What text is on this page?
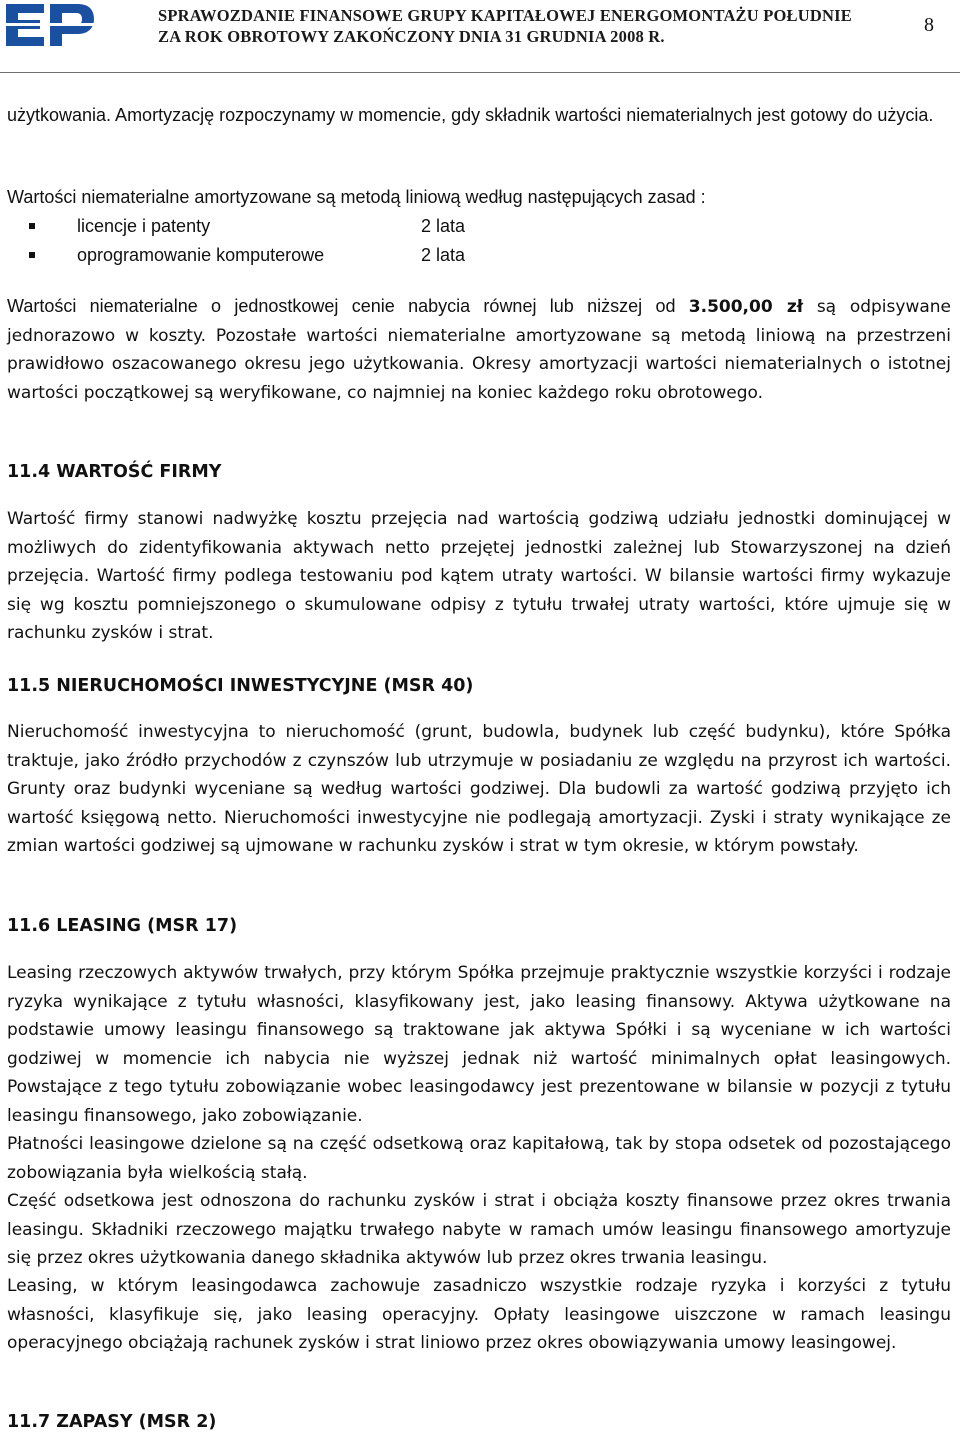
SPRAWOZDANIE FINANSOWE GRUPY KAPITAŁOWEJ ENERGOMONTAŻU POŁUDNIE
ZA ROK OBROTOWY ZAKOŃCZONY DNIA 31 GRUDNIA 2008 R.
8

użytkowania. Amortyzację rozpoczynamy w momencie, gdy składnik wartości niematerialnych jest gotowy do użycia.

Wartości niematerialne amortyzowane są metodą liniową według następujących zasad :

licencje i patenty	2 lata
oprogramowanie komputerowe	2 lata

Wartości niematerialne o jednostkowej cenie nabycia równej lub niższej od 3.500,00 zł są odpisywane jednorazowo w koszty. Pozostałe wartości niematerialne amortyzowane są metodą liniową na przestrzeni prawidłowo oszacowanego okresu jego użytkowania. Okresy amortyzacji wartości niematerialnych o istotnej wartości początkowej są weryfikowane, co najmniej na koniec każdego roku obrotowego.

11.4 WARTOŚĆ FIRMY

Wartość firmy stanowi nadwyżkę kosztu przejęcia nad wartością godziwą udziału jednostki dominującej w możliwych do zidentyfikowania aktywach netto przejętej jednostki zależnej lub Stowarzyszonej na dzień przejęcia. Wartość firmy podlega testowaniu pod kątem utraty wartości. W bilansie wartości firmy wykazuje się wg kosztu pomniejszonego o skumulowane odpisy z tytułu trwałej utraty wartości, które ujmuje się w rachunku zysków i strat.

11.5 NIERUCHOMOŚCI INWESTYCYJNE (MSR 40)

Nieruchomość inwestycyjna to nieruchomość (grunt, budowla, budynek lub część budynku), które Spółka traktuje, jako źródło przychodów z czynszów lub utrzymuje w posiadaniu ze względu na przyrost ich wartości. Grunty oraz budynki wyceniane są według wartości godziwej. Dla budowli za wartość godziwą przyjęto ich wartość księgową netto. Nieruchomości inwestycyjne nie podlegają amortyzacji. Zyski i straty wynikające ze zmian wartości godziwej są ujmowane w rachunku zysków i strat w tym okresie, w którym powstały.

11.6 LEASING (MSR 17)

Leasing rzeczowych aktywów trwałych, przy którym Spółka przejmuje praktycznie wszystkie korzyści i rodzaje ryzyka wynikające z tytułu własności, klasyfikowany jest, jako leasing finansowy. Aktywa użytkowane na podstawie umowy leasingu finansowego są traktowane jak aktywa Spółki i są wyceniane w ich wartości godziwej w momencie ich nabycia nie wyższej jednak niż wartość minimalnych opłat leasingowych. Powstające z tego tytułu zobowiązanie wobec leasingodawcy jest prezentowane w bilansie w pozycji z tytułu leasingu finansowego, jako zobowiązanie.

Płatności leasingowe dzielone są na część odsetkową oraz kapitałową, tak by stopa odsetek od pozostającego zobowiązania była wielkością stałą.

Część odsetkowa jest odnoszona do rachunku zysków i strat i obciąża koszty finansowe przez okres trwania leasingu. Składniki rzeczowego majątku trwałego nabyte w ramach umów leasingu finansowego amortyzuje się przez okres użytkowania danego składnika aktywów lub przez okres trwania leasingu.

Leasing, w którym leasingodawca zachowuje zasadniczo wszystkie rodzaje ryzyka i korzyści z tytułu własności, klasyfikuje się, jako leasing operacyjny. Opłaty leasingowe uiszczone w ramach leasingu operacyjnego obciążają rachunek zysków i strat liniowo przez okres obowiązywania umowy leasingowej.

11.7 ZAPASY (MSR 2)
